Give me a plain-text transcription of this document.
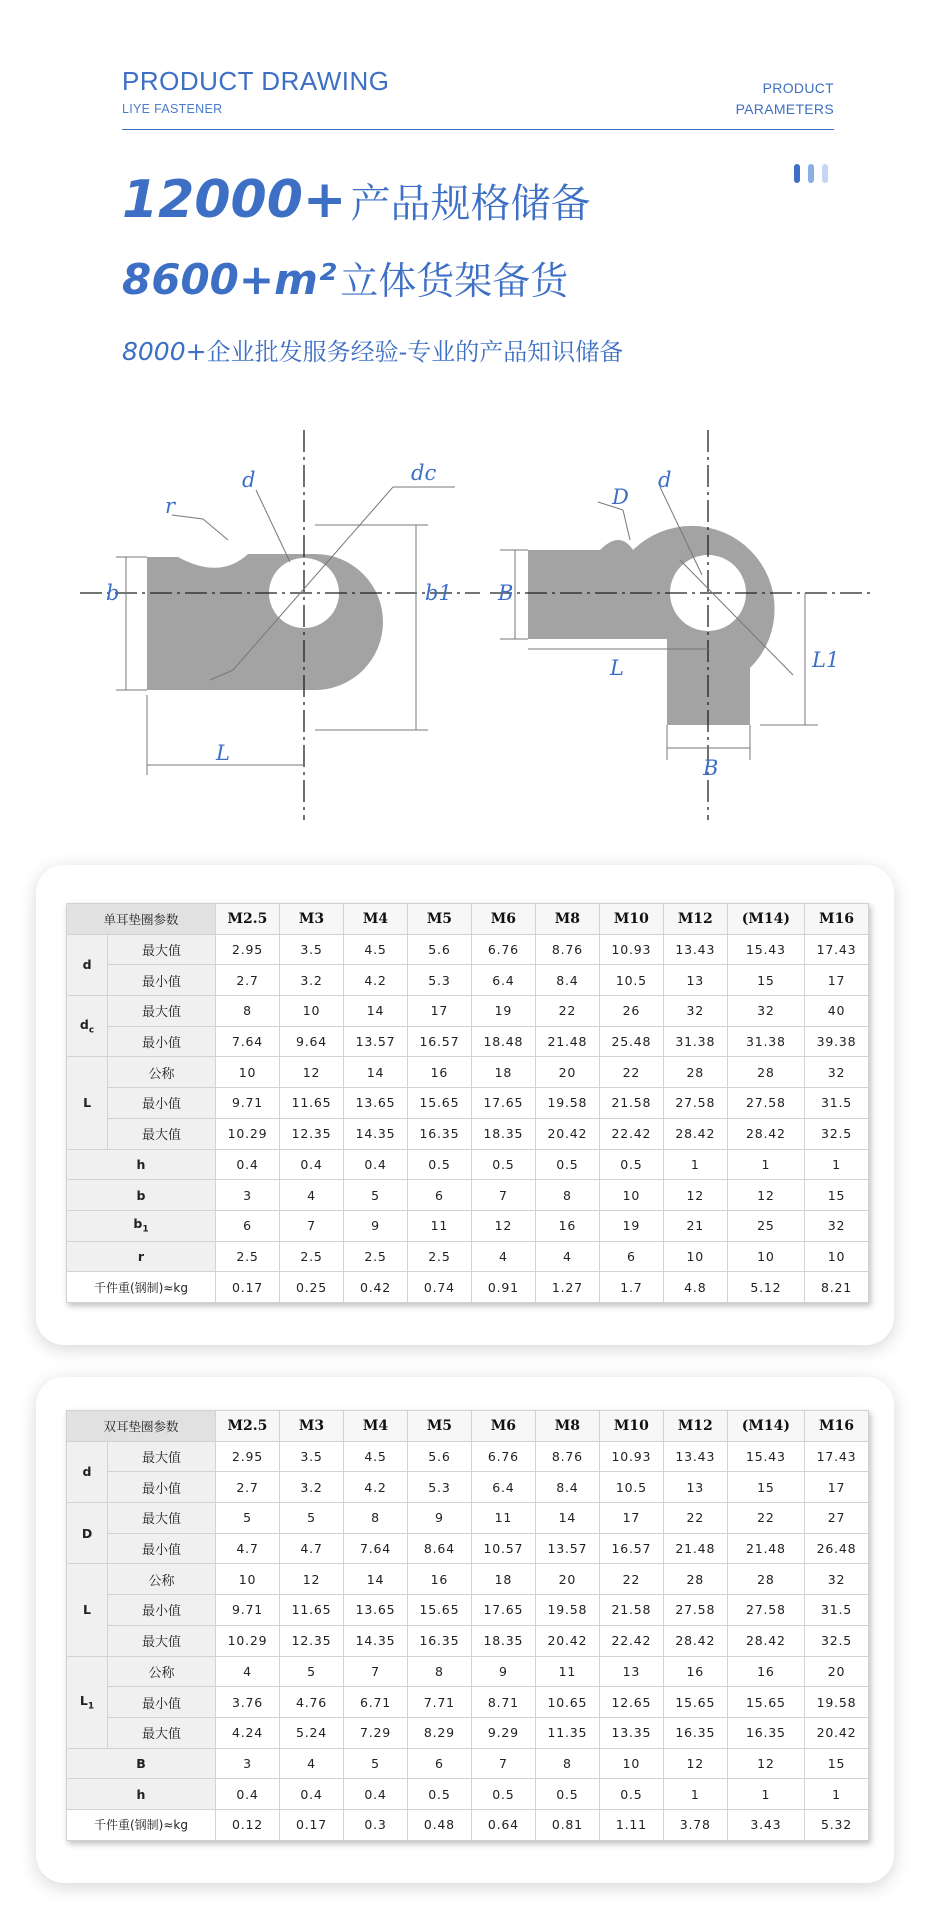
PRODUCT DRAWING
LIYE FASTENER
PRODUCT
PARAMETERS
12000+ 产品规格储备
8600+m² 立体货架备货
8000+企业批发服务经验-专业的产品知识储备
r
d	dc
b	b1
L
D
d
B
L	L1
B
单耳垫圈参数		M2.5	M3	M4	M5	M6	M8	M10	M12	(M14)	M16
d	最大值	2.95	3.5	4.5	5.6	6.76	8.76	10.93	13.43	15.43	17.43
	最小值	2.7	3.2	4.2	5.3	6.4	8.4	10.5	13	15	17
$d_c$	最大值	8	10	14	17	19	22	26	32	32	40
	最小值	7.64	9.64	13.57	16.57	18.48	21.48	25.48	31.38	31.38	39.38
L	公称	10	12	14	16	18	20	22	28	28	32
	最小值	9.71	11.65	13.65	15.65	17.65	19.58	21.58	27.58	27.58	31.5
	最大值	10.29	12.35	14.35	16.35	18.35	20.42	22.42	28.42	28.42	32.5
h		0.4	0.4	0.4	0.5	0.5	0.5	0.5	1	1	1
b		3	4	5	6	7	8	10	12	12	15
$b_1$		6	7	9	11	12	16	19	21	25	32
r		2.5	2.5	2.5	2.5	4	4	6	10	10	10
千件重(钢制)≈kg		0.17	0.25	0.42	0.74	0.91	1.27	1.7	4.8	5.12	8.21
双耳垫圈参数		M2.5	M3	M4	M5	M6	M8	M10	M12	(M14)	M16
d	最大值	2.95	3.5	4.5	5.6	6.76	8.76	10.93	13.43	15.43	17.43
	最小值	2.7	3.2	4.2	5.3	6.4	8.4	10.5	13	15	17
D	最大值	5	5	8	9	11	14	17	22	22	27
	最小值	4.7	4.7	7.64	8.64	10.57	13.57	16.57	21.48	21.48	26.48
L	公称	10	12	14	16	18	20	22	28	28	32
	最小值	9.71	11.65	13.65	15.65	17.65	19.58	21.58	27.58	27.58	31.5
	最大值	10.29	12.35	14.35	16.35	18.35	20.42	22.42	28.42	28.42	32.5
$L_1$	公称	4	5	7	8	9	11	13	16	16	20
	最小值	3.76	4.76	6.71	7.71	8.71	10.65	12.65	15.65	15.65	19.58
	最大值	4.24	5.24	7.29	8.29	9.29	11.35	13.35	16.35	16.35	20.42
B		3	4	5	6	7	8	10	12	12	15
h		0.4	0.4	0.4	0.5	0.5	0.5	0.5	1	1	1
千件重(钢制)≈kg		0.12	0.17	0.3	0.48	0.64	0.81	1.11	3.78	3.43	5.32
